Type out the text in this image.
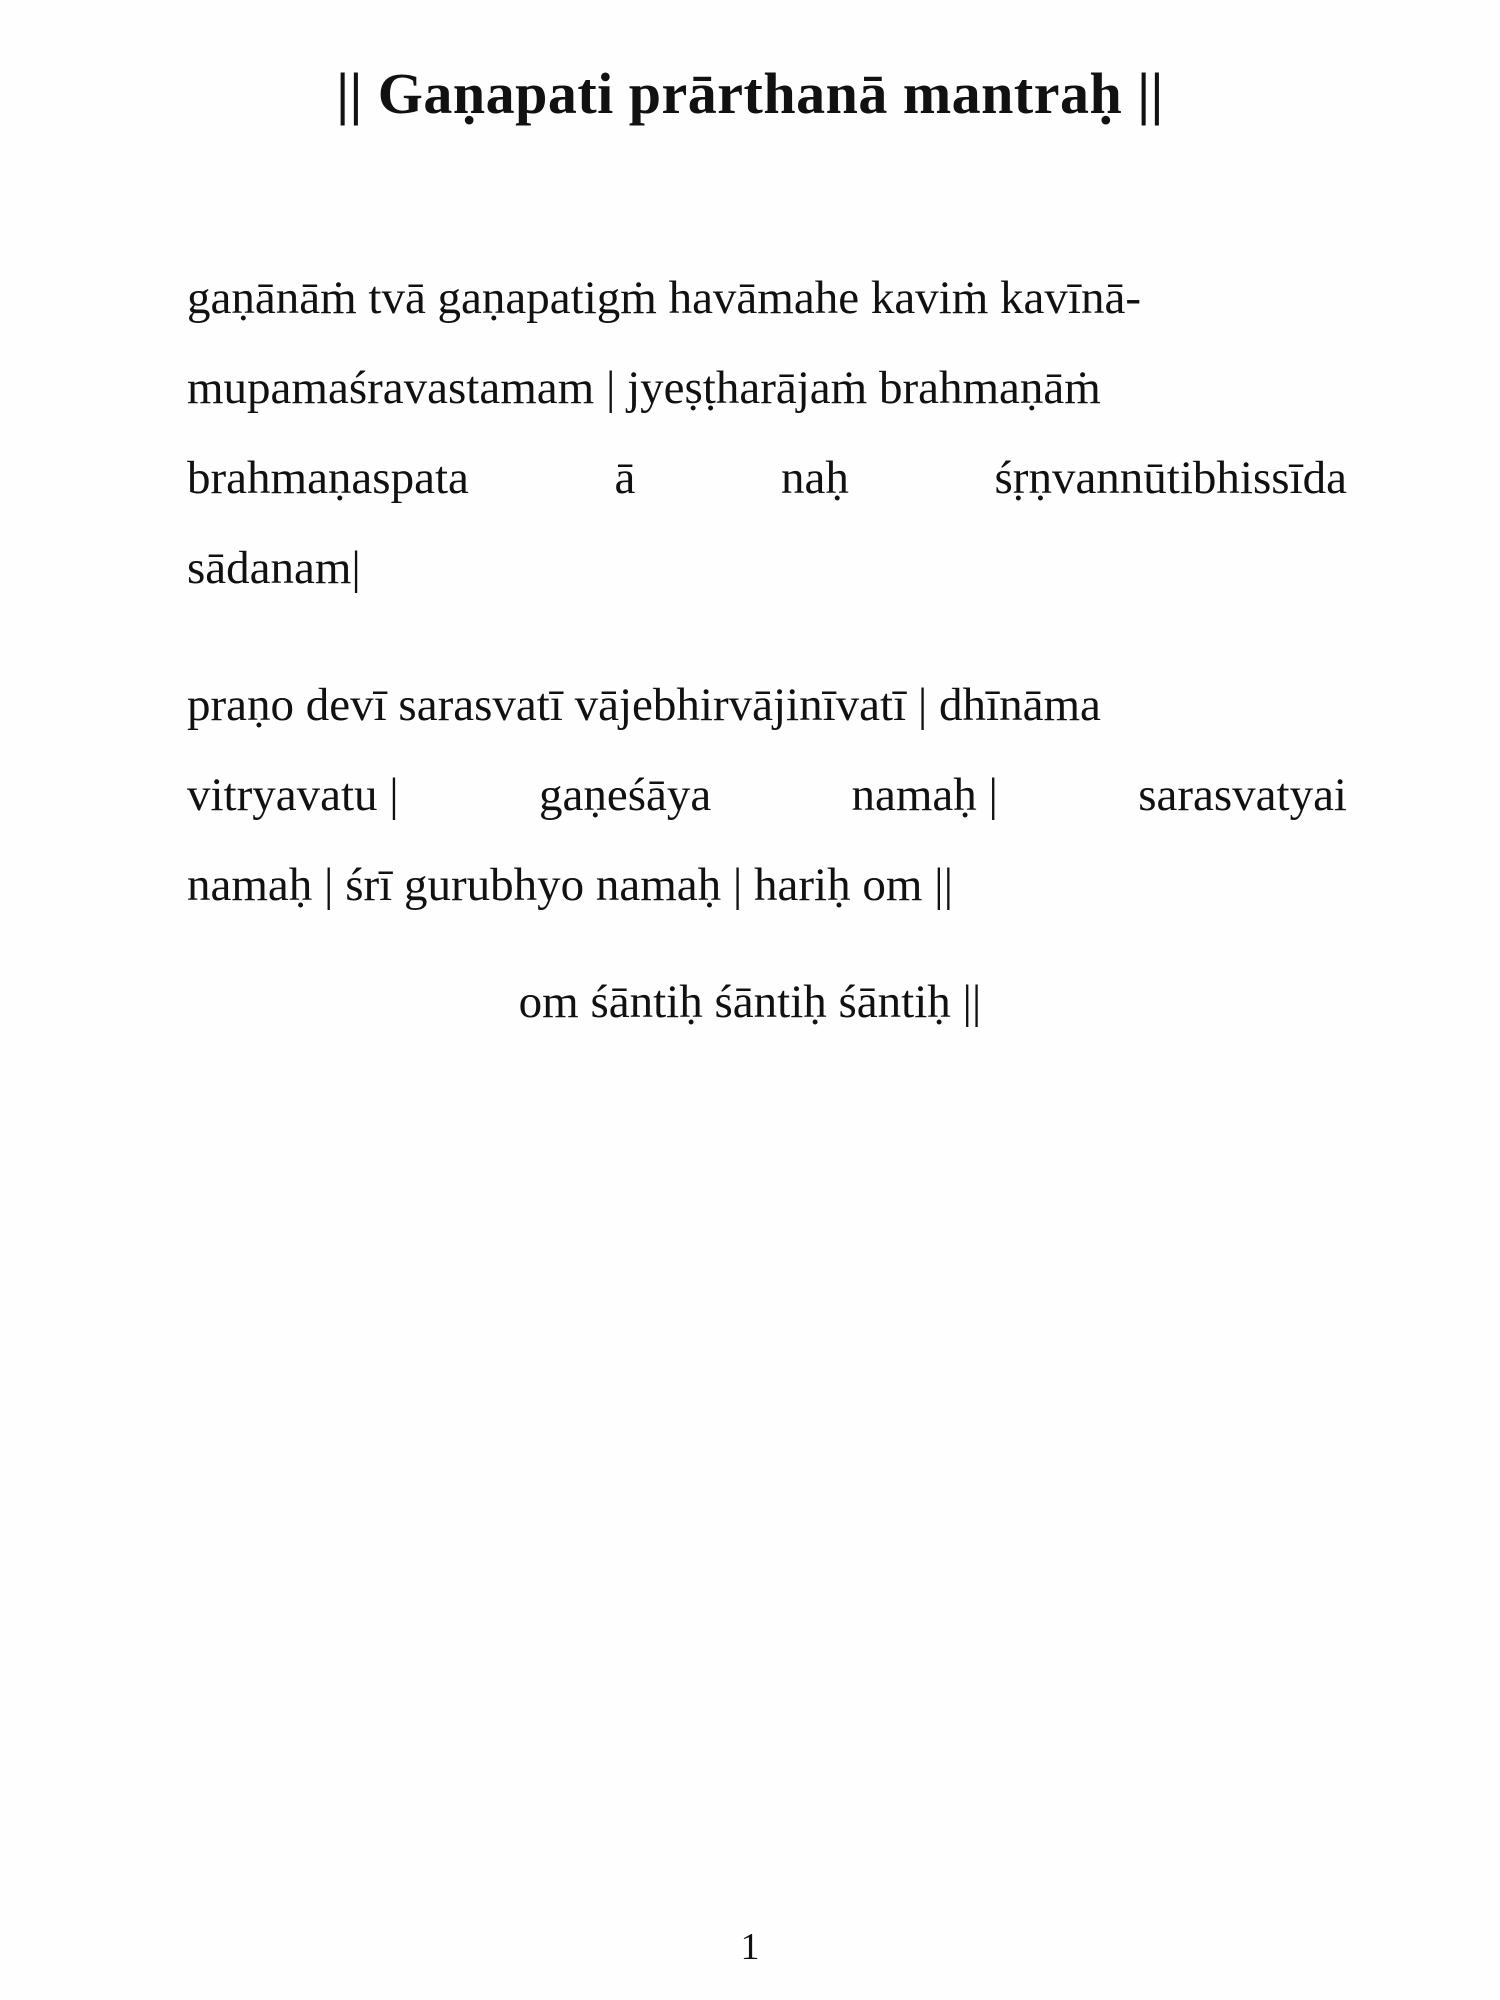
|| Gaṇapati prārthanā mantraḥ ||
gaṇānāṁ tvā gaṇapatigṁ havāmahe kaviṁ kavīnā-
mupamaśravastamam | jyeṣṭharājaṁ brahmaṇāṁ
brahmaṇaspata	ā	naḥ	śṛṇvannūtibhissīda
sādanam|
praṇo devī sarasvatī vājebhirvājinīvatī | dhīnāma
vitryavatu |	gaṇeśāya	namaḥ |	sarasvatyai
namaḥ | śrī gurubhyo namaḥ | hariḥ om ||
om śāntiḥ śāntiḥ śāntiḥ ||
1
